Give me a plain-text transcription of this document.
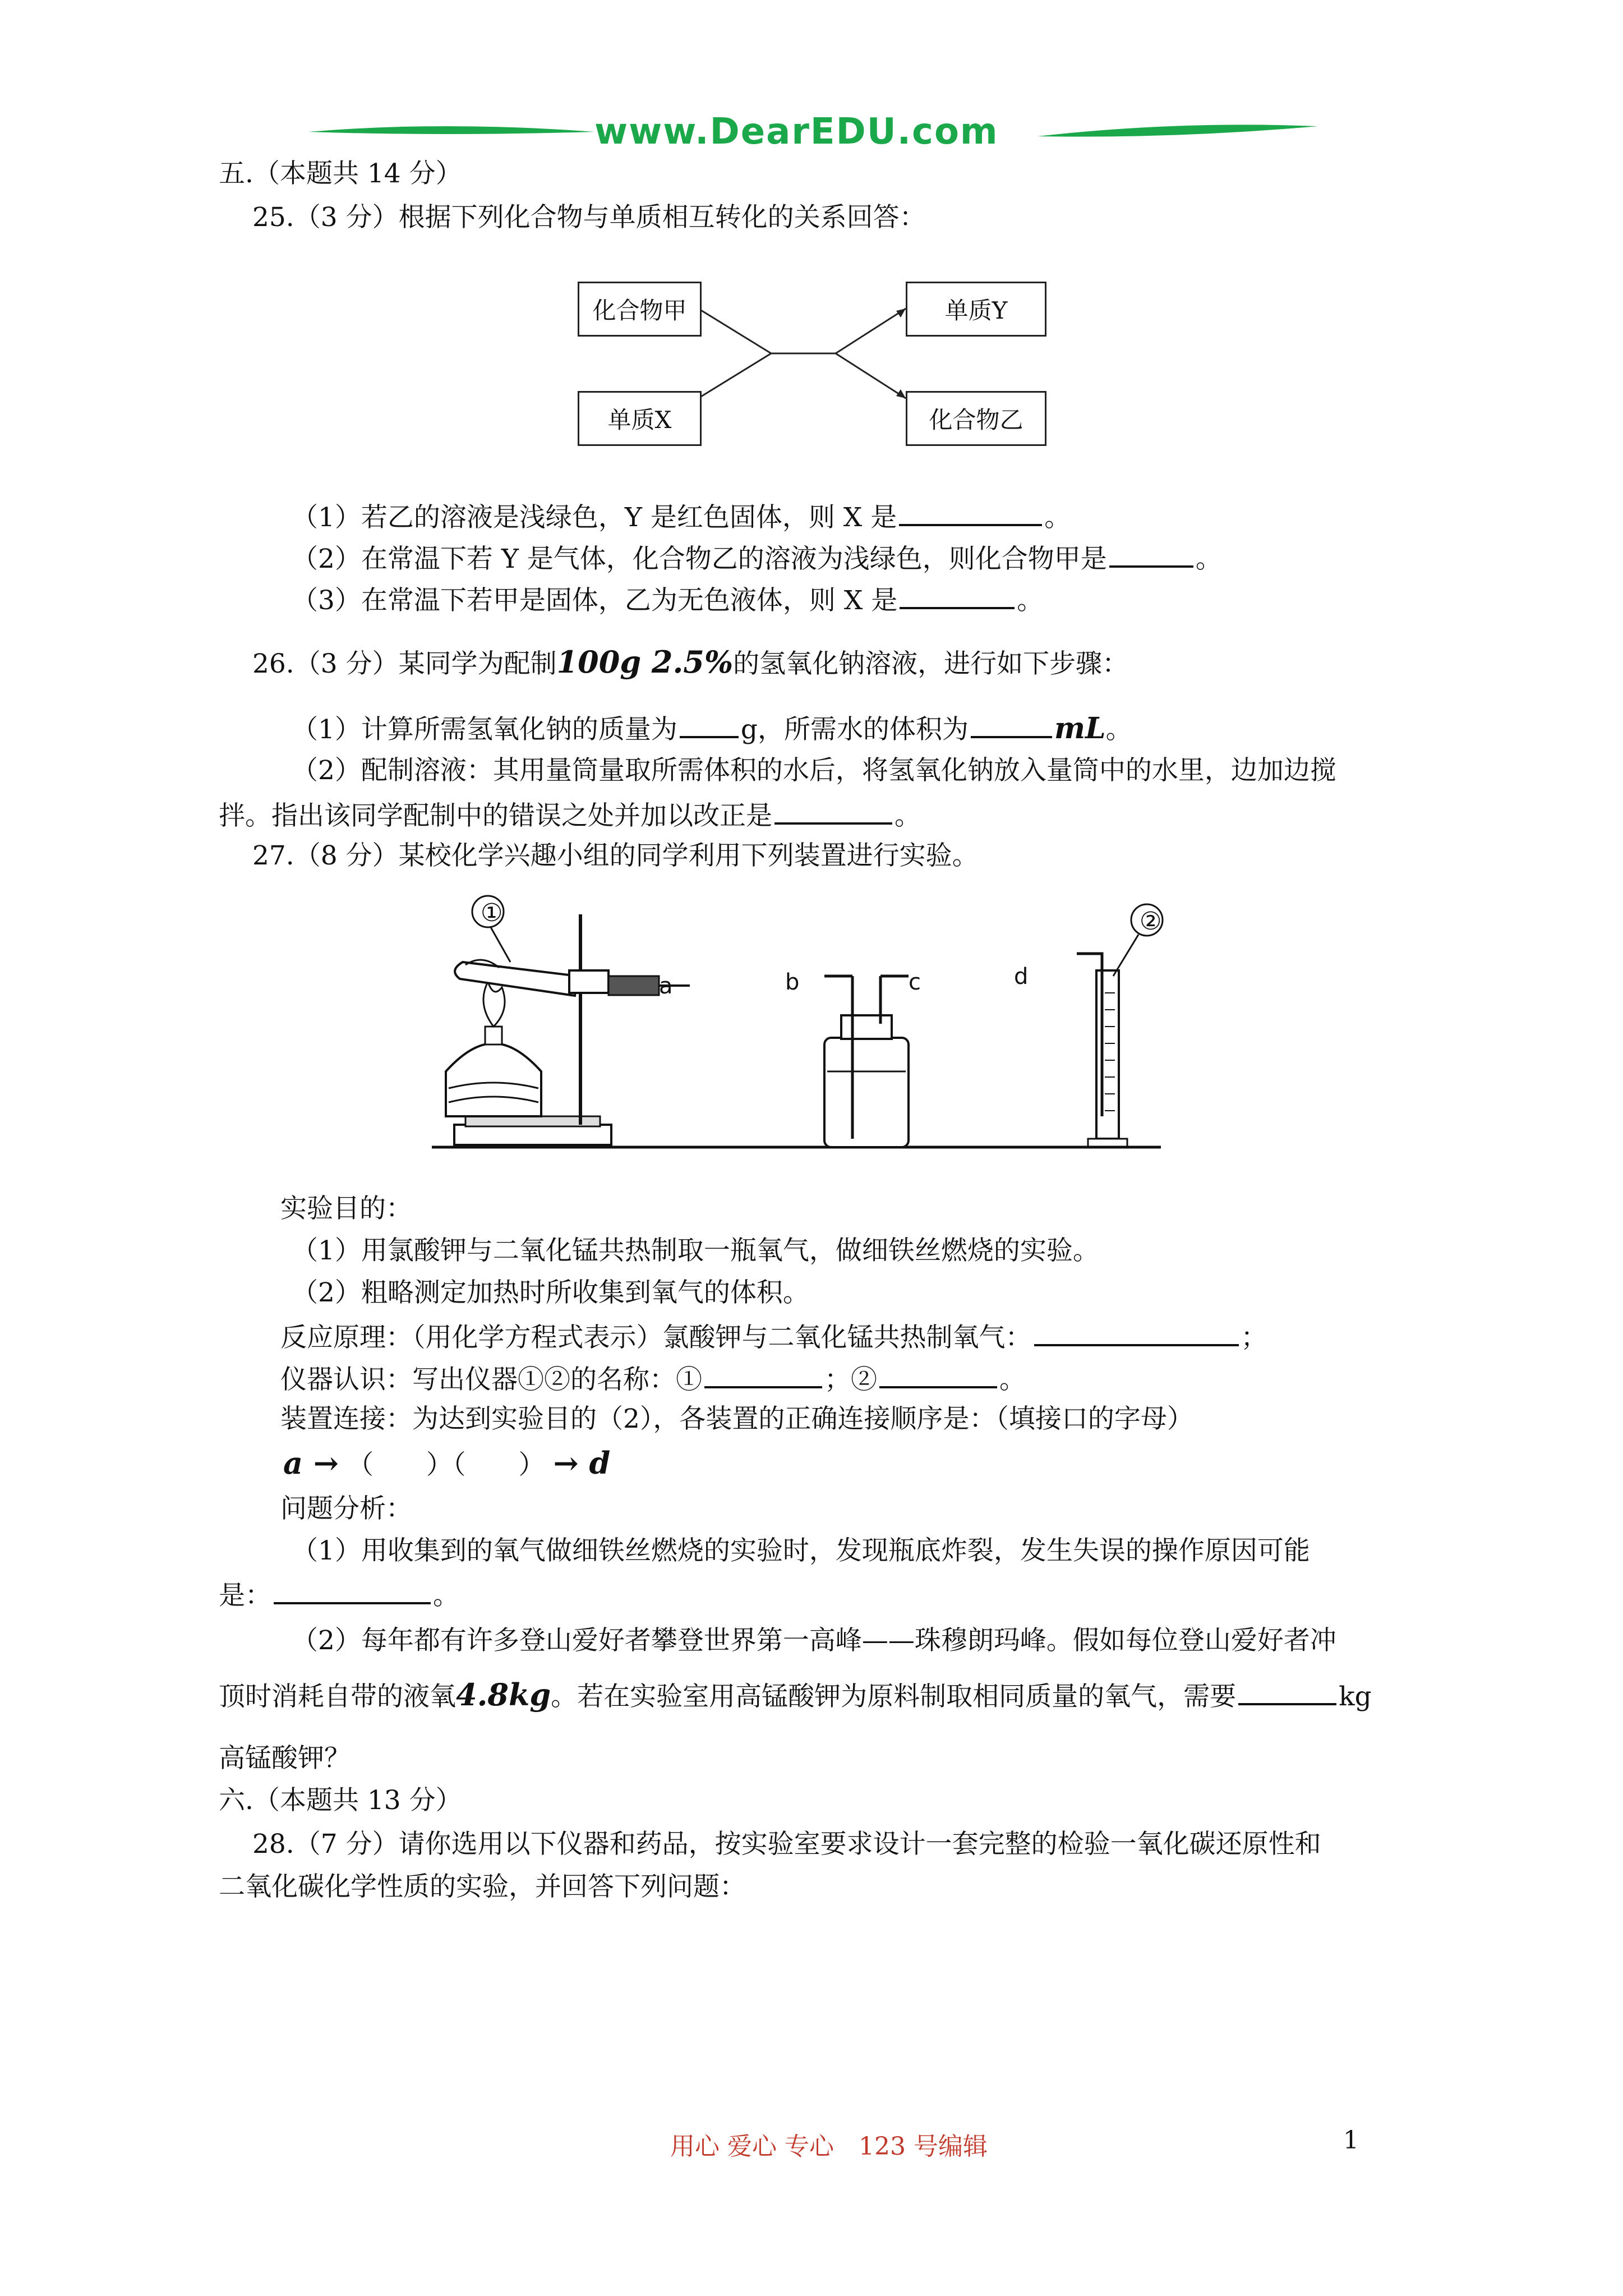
www.DearEDU.com
五.（本题共 14 分）
25.（3 分）根据下列化合物与单质相互转化的关系回答：
化合物甲	单质Y
单质X	化合物乙
（1）若乙的溶液是浅绿色，Y 是红色固体，则 X 是	。
（2）在常温下若 Y 是气体，化合物乙的溶液为浅绿色，则化合物甲是	。
（3）在常温下若甲是固体，乙为无色液体，则 X 是	。
26.（3 分）某同学为配制100g 2.5%的氢氧化钠溶液，进行如下步骤：
（1）计算所需氢氧化钠的质量为 g，所需水的体积为	mL。
（2）配制溶液：其用量筒量取所需体积的水后，将氢氧化钠放入量筒中的水里，边加边搅
拌。指出该同学配制中的错误之处并加以改正是	。
27.（8 分）某校化学兴趣小组的同学利用下列装置进行实验。
①	②
a	b	c	d
实验目的：
（1）用氯酸钾与二氧化锰共热制取一瓶氧气，做细铁丝燃烧的实验。
（2）粗略测定加热时所收集到氧气的体积。
反应原理：（用化学方程式表示）氯酸钾与二氧化锰共热制氧气：	；
仪器认识：写出仪器①②的名称：①	；②	。
装置连接：为达到实验目的（2），各装置的正确连接顺序是：（填接口的字母）
a → （　　）（　　） → d
问题分析：
（1）用收集到的氧气做细铁丝燃烧的实验时，发现瓶底炸裂，发生失误的操作原因可能
是：	。
（2）每年都有许多登山爱好者攀登世界第一高峰——珠穆朗玛峰。假如每位登山爱好者冲
顶时消耗自带的液氧4.8kg。若在实验室用高锰酸钾为原料制取相同质量的氧气，需要	kg
高锰酸钾？
六.（本题共 13 分）
28.（7 分）请你选用以下仪器和药品，按实验室要求设计一套完整的检验一氧化碳还原性和
二氧化碳化学性质的实验，并回答下列问题：
用心 爱心 专心　123 号编辑	1
